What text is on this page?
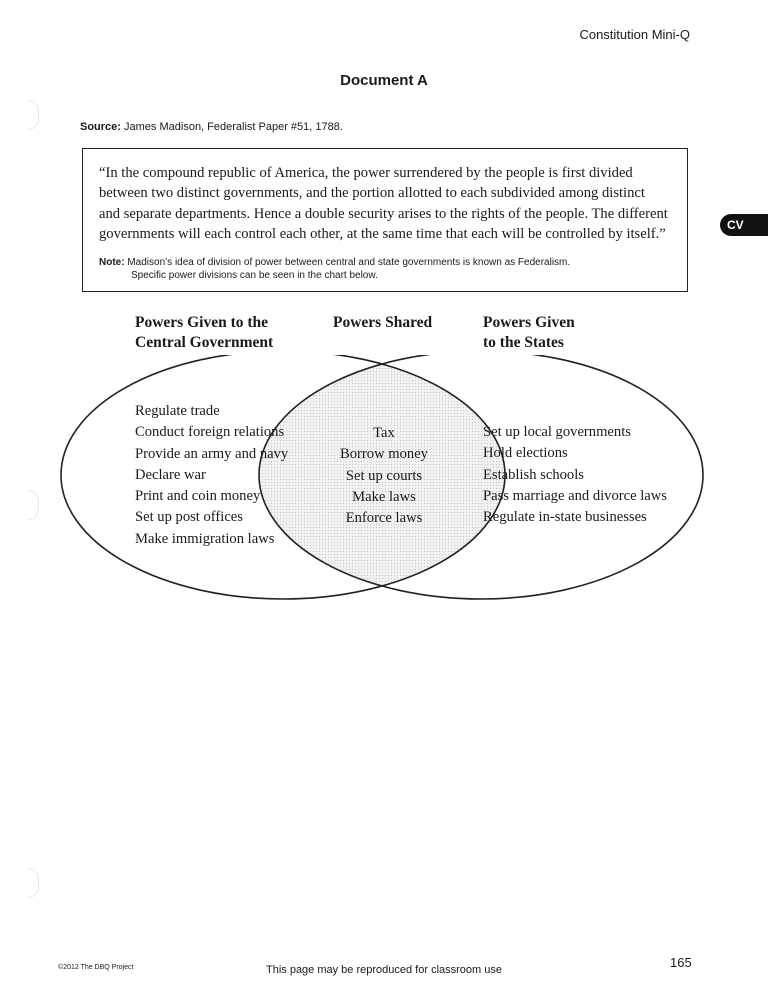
Constitution Mini-Q
Document A
Source: James Madison, Federalist Paper #51, 1788.
“In the compound republic of America, the power surrendered by the people is first divided
between two distinct governments, and the portion allotted to each subdivided among distinct
and separate departments. Hence a double security arises to the rights of the people. The different
governments will each control each other, at the same time that each will be controlled by itself.”
Note: Madison’s idea of division of power between central and state governments is known as Federalism.
Specific power divisions can be seen in the chart below.
CV
Powers Given to the
Central Government
Powers Shared	Powers Given
to the States
Regulate trade
Conduct foreign relations
Provide an army and navy
Declare war
Print and coin money
Set up post offices
Make immigration laws
Tax
Borrow money
Set up courts
Make laws
Enforce laws
Set up local governments
Hold elections
Establish schools
Pass marriage and divorce laws
Regulate in-state businesses
165
©2012 The DBQ Project	This page may be reproduced for classroom use
